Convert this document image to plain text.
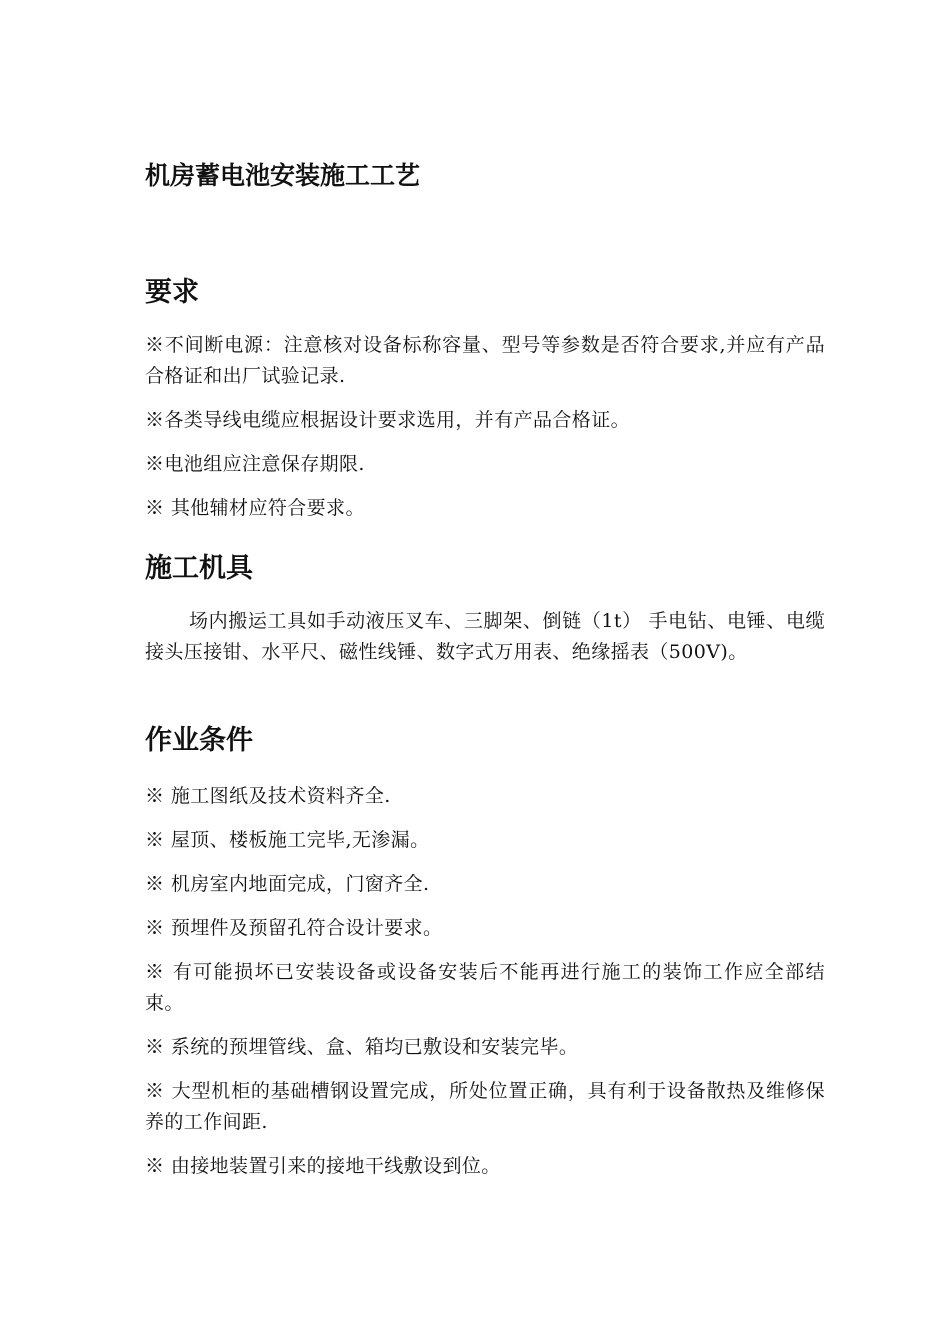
机房蓄电池安装施工工艺
要求

※不间断电源：注意核对设备标称容量、型号等参数是否符合要求,并应有产品合格证和出厂试验记录.

※各类导线电缆应根据设计要求选用，并有产品合格证。

※电池组应注意保存期限.

※ 其他辅材应符合要求。

施工机具

场内搬运工具如手动液压叉车、三脚架、倒链（1t） 手电钻、电锤、电缆接头压接钳、水平尺、磁性线锤、数字式万用表、绝缘摇表（500V)。

作业条件

※ 施工图纸及技术资料齐全.

※ 屋顶、楼板施工完毕,无渗漏。

※ 机房室内地面完成，门窗齐全.

※ 预埋件及预留孔符合设计要求。

※ 有可能损坏已安装设备或设备安装后不能再进行施工的装饰工作应全部结束。

※ 系统的预埋管线、盒、箱均已敷设和安装完毕。

※ 大型机柜的基础槽钢设置完成，所处位置正确，具有利于设备散热及维修保养的工作间距.

※ 由接地装置引来的接地干线敷设到位。
